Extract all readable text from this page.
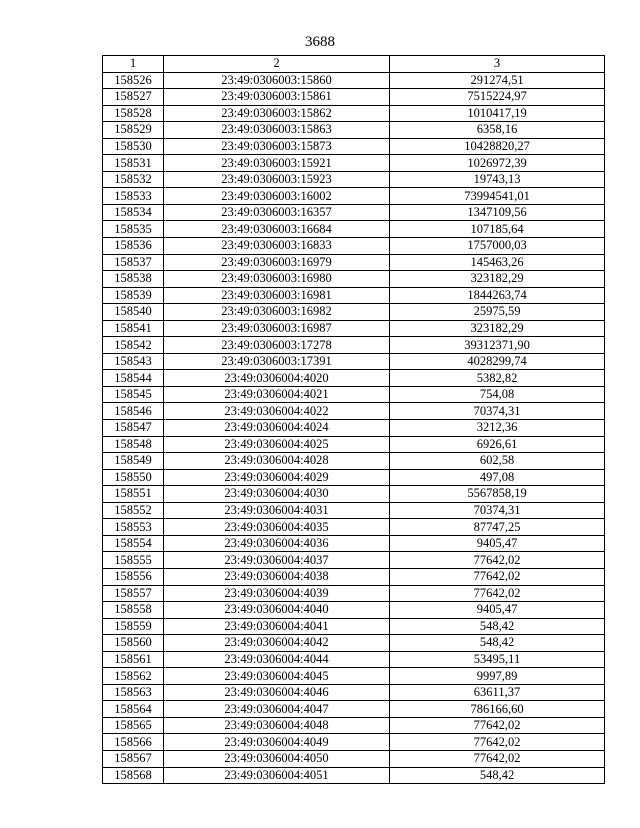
3688
1	2	3
158526	23:49:0306003:15860	291274,51
158527	23:49:0306003:15861	7515224,97
158528	23:49:0306003:15862	1010417,19
158529	23:49:0306003:15863	6358,16
158530	23:49:0306003:15873	10428820,27
158531	23:49:0306003:15921	1026972,39
158532	23:49:0306003:15923	19743,13
158533	23:49:0306003:16002	73994541,01
158534	23:49:0306003:16357	1347109,56
158535	23:49:0306003:16684	107185,64
158536	23:49:0306003:16833	1757000,03
158537	23:49:0306003:16979	145463,26
158538	23:49:0306003:16980	323182,29
158539	23:49:0306003:16981	1844263,74
158540	23:49:0306003:16982	25975,59
158541	23:49:0306003:16987	323182,29
158542	23:49:0306003:17278	39312371,90
158543	23:49:0306003:17391	4028299,74
158544	23:49:0306004:4020	5382,82
158545	23:49:0306004:4021	754,08
158546	23:49:0306004:4022	70374,31
158547	23:49:0306004:4024	3212,36
158548	23:49:0306004:4025	6926,61
158549	23:49:0306004:4028	602,58
158550	23:49:0306004:4029	497,08
158551	23:49:0306004:4030	5567858,19
158552	23:49:0306004:4031	70374,31
158553	23:49:0306004:4035	87747,25
158554	23:49:0306004:4036	9405,47
158555	23:49:0306004:4037	77642,02
158556	23:49:0306004:4038	77642,02
158557	23:49:0306004:4039	77642,02
158558	23:49:0306004:4040	9405,47
158559	23:49:0306004:4041	548,42
158560	23:49:0306004:4042	548,42
158561	23:49:0306004:4044	53495,11
158562	23:49:0306004:4045	9997,89
158563	23:49:0306004:4046	63611,37
158564	23:49:0306004:4047	786166,60
158565	23:49:0306004:4048	77642,02
158566	23:49:0306004:4049	77642,02
158567	23:49:0306004:4050	77642,02
158568	23:49:0306004:4051	548,42
